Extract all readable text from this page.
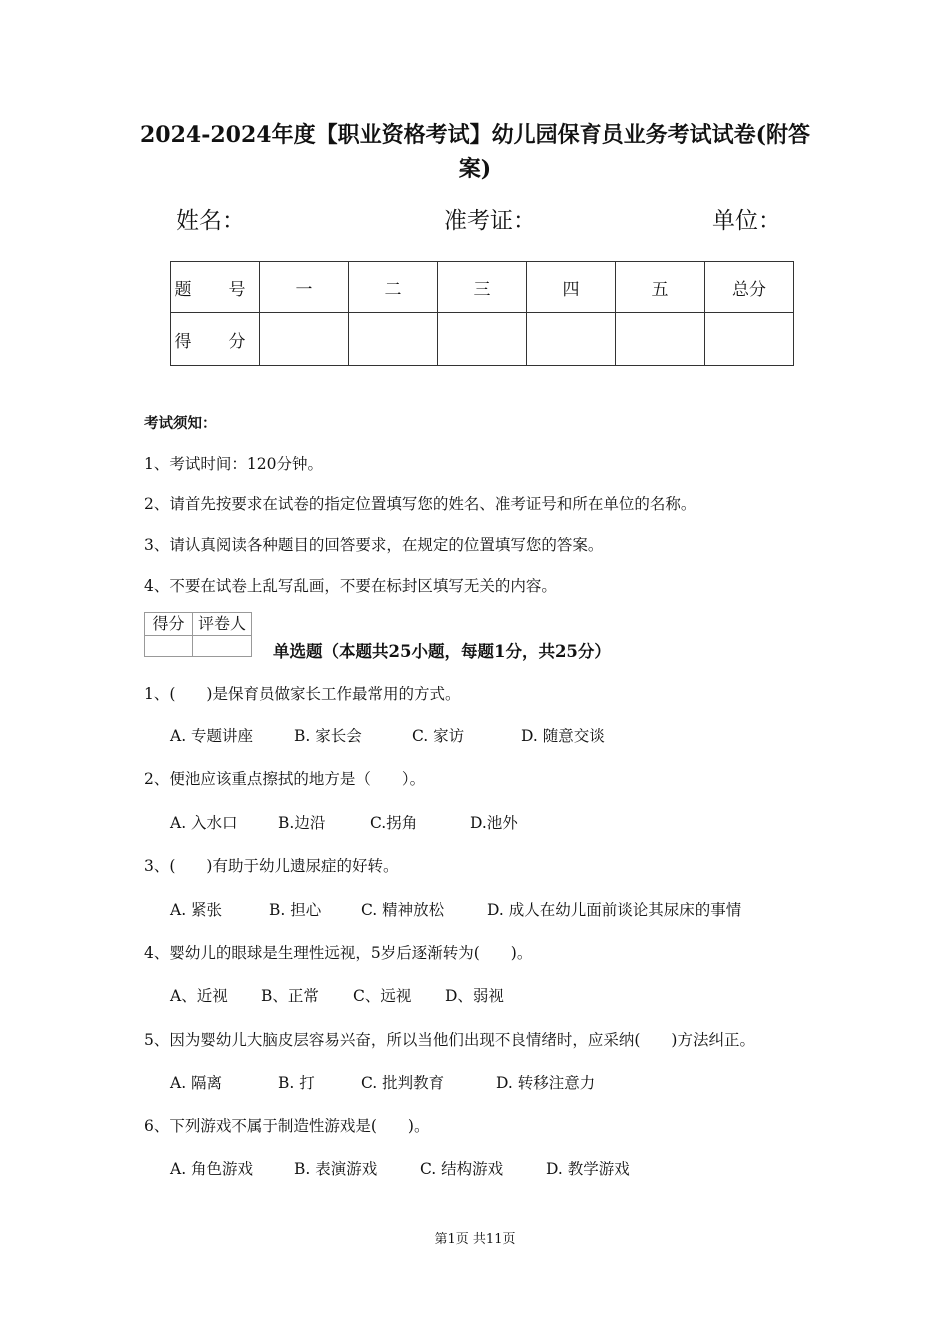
2024-2024年度【职业资格考试】幼儿园保育员业务考试试卷(附答
案)
姓名：	准考证：	单位：
题　号	一	二	三	四	五	总分
得　分						
考试须知：
1、考试时间：120分钟。
2、请首先按要求在试卷的指定位置填写您的姓名、准考证号和所在单位的名称。
3、请认真阅读各种题目的回答要求，在规定的位置填写您的答案。
4、不要在试卷上乱写乱画，不要在标封区填写无关的内容。
得分	评卷人

单选题（本题共25小题，每题1分，共25分）
1、(　　)是保育员做家长工作最常用的方式。
A. 专题讲座	B. 家长会	C. 家访	D. 随意交谈
2、便池应该重点擦拭的地方是（　　）。
A. 入水口	B.边沿	C.拐角	D.池外
3、(　　)有助于幼儿遗尿症的好转。
A. 紧张	B. 担心	C. 精神放松	D. 成人在幼儿面前谈论其尿床的事情
4、婴幼儿的眼球是生理性远视，5岁后逐渐转为(　　)。
A、近视 B、正常 C、远视 D、弱视
5、因为婴幼儿大脑皮层容易兴奋，所以当他们出现不良情绪时，应采纳(　　)方法纠正。
A. 隔离	B. 打	C. 批判教育	D. 转移注意力
6、下列游戏不属于制造性游戏是(　　)。
A. 角色游戏	B. 表演游戏	C. 结构游戏	D. 教学游戏
第1页 共11页
